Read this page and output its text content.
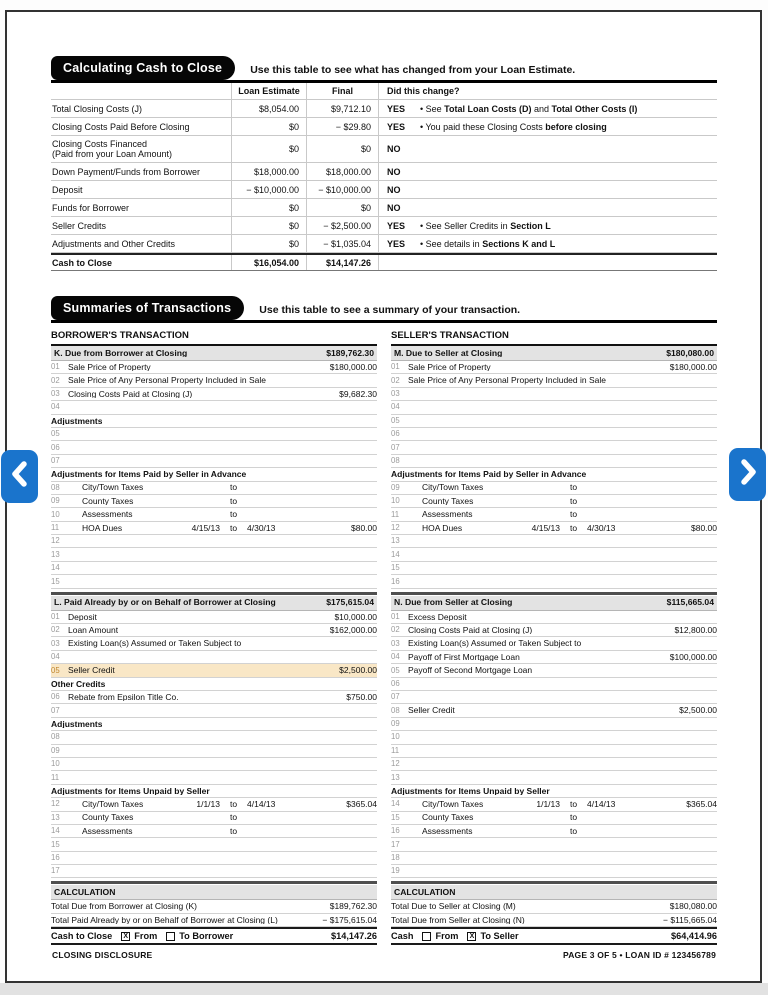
Calculating Cash to Close	Use this table to see what has changed from your Loan Estimate.
Loan Estimate	Final	Did this change?
Total Closing Costs (J)	$8,054.00	$9,712.10	YES	• See Total Loan Costs (D) and Total Other Costs (I)
Closing Costs Paid Before Closing	$0	− $29.80	YES	• You paid these Closing Costs before closing
Closing Costs Financed
(Paid from your Loan Amount)	$0	$0	NO
Down Payment/Funds from Borrower	$18,000.00	$18,000.00	NO
Deposit	− $10,000.00	− $10,000.00	NO
Funds for Borrower	$0	$0	NO
Seller Credits	$0	− $2,500.00	YES	• See Seller Credits in Section L
Adjustments and Other Credits	$0	− $1,035.04	YES	• See details in Sections K and L
Cash to Close	$16,054.00	$14,147.26
Summaries of Transactions	Use this table to see a summary of your transaction.
BORROWER'S TRANSACTION
K. Due from Borrower at Closing	$189,762.30
01 Sale Price of Property	$180,000.00
02 Sale Price of Any Personal Property Included in Sale
03 Closing Costs Paid at Closing (J)	$9,682.30
04
Adjustments
05
06
07
Adjustments for Items Paid by Seller in Advance
08	City/Town Taxes	to
09	County Taxes	to
10	Assessments	to
11	HOA Dues	4/15/13	to	4/30/13	$80.00
12
13
14
15
L. Paid Already by or on Behalf of Borrower at Closing	$175,615.04
01 Deposit	$10,000.00
02 Loan Amount	$162,000.00
03 Existing Loan(s) Assumed or Taken Subject to
04
05 Seller Credit	$2,500.00
Other Credits
06 Rebate from Epsilon Title Co.	$750.00
07
Adjustments
08
09
10
11
Adjustments for Items Unpaid by Seller
12	City/Town Taxes	1/1/13	to	4/14/13	$365.04
13	County Taxes	to
14	Assessments	to
15
16
17
CALCULATION
Total Due from Borrower at Closing (K)	$189,762.30
Total Paid Already by or on Behalf of Borrower at Closing (L)	− $175,615.04
Cash to Close	X From To Borrower	$14,147.26
SELLER'S TRANSACTION
M. Due to Seller at Closing	$180,080.00
01 Sale Price of Property	$180,000.00
02 Sale Price of Any Personal Property Included in Sale
03
04
05
06
07
08
Adjustments for Items Paid by Seller in Advance
09	City/Town Taxes	to
10	County Taxes	to
11	Assessments	to
12	HOA Dues	4/15/13	to	4/30/13	$80.00
13
14
15
16
N. Due from Seller at Closing	$115,665.04
01 Excess Deposit
02 Closing Costs Paid at Closing (J)	$12,800.00
03 Existing Loan(s) Assumed or Taken Subject to
04 Payoff of First Mortgage Loan	$100,000.00
05 Payoff of Second Mortgage Loan
06
07
08 Seller Credit	$2,500.00
09
10
11
12
13
Adjustments for Items Unpaid by Seller
14	City/Town Taxes	1/1/13	to	4/14/13	$365.04
15	County Taxes	to
16	Assessments	to
17
18
19
CALCULATION
Total Due to Seller at Closing (M)	$180,080.00
Total Due from Seller at Closing (N)	− $115,665.04
Cash From	X To Seller	$64,414.96
CLOSING DISCLOSURE	PAGE 3 OF 5 • LOAN ID # 123456789
